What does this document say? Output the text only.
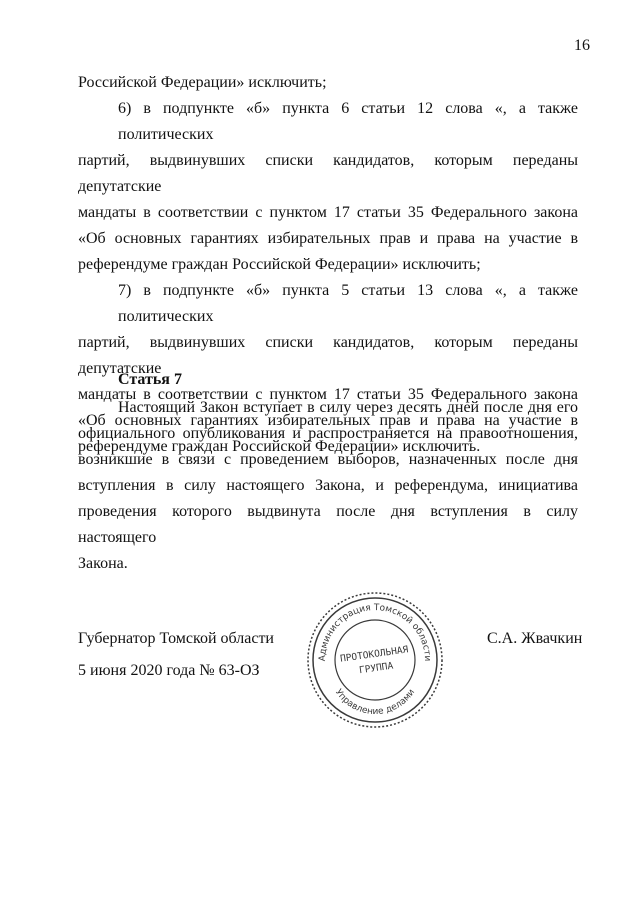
16
Российской Федерации» исключить;
6) в подпункте «б» пункта 6 статьи 12 слова «, а также политических
партий, выдвинувших списки кандидатов, которым переданы депутатские
мандаты в соответствии с пунктом 17 статьи 35 Федерального закона
«Об основных гарантиях избирательных прав и права на участие в
референдуме граждан Российской Федерации» исключить;
7) в подпункте «б» пункта 5 статьи 13 слова «, а также политических
партий, выдвинувших списки кандидатов, которым переданы депутатские
мандаты в соответствии с пунктом 17 статьи 35 Федерального закона
«Об основных гарантиях избирательных прав и права на участие в
референдуме граждан Российской Федерации» исключить.
Статья 7
Настоящий Закон вступает в силу через десять дней после дня его
официального опубликования и распространяется на правоотношения,
возникшие в связи с проведением выборов, назначенных после дня
вступления в силу настоящего Закона, и референдума, инициатива
проведения которого выдвинута после дня вступления в силу настоящего
Закона.
Губернатор Томской области	С.А. Жвачкин
5 июня 2020 года № 63-ОЗ
Администрация Томской области
Управление делами
ПРОТОКОЛЬНАЯ
ГРУППА
